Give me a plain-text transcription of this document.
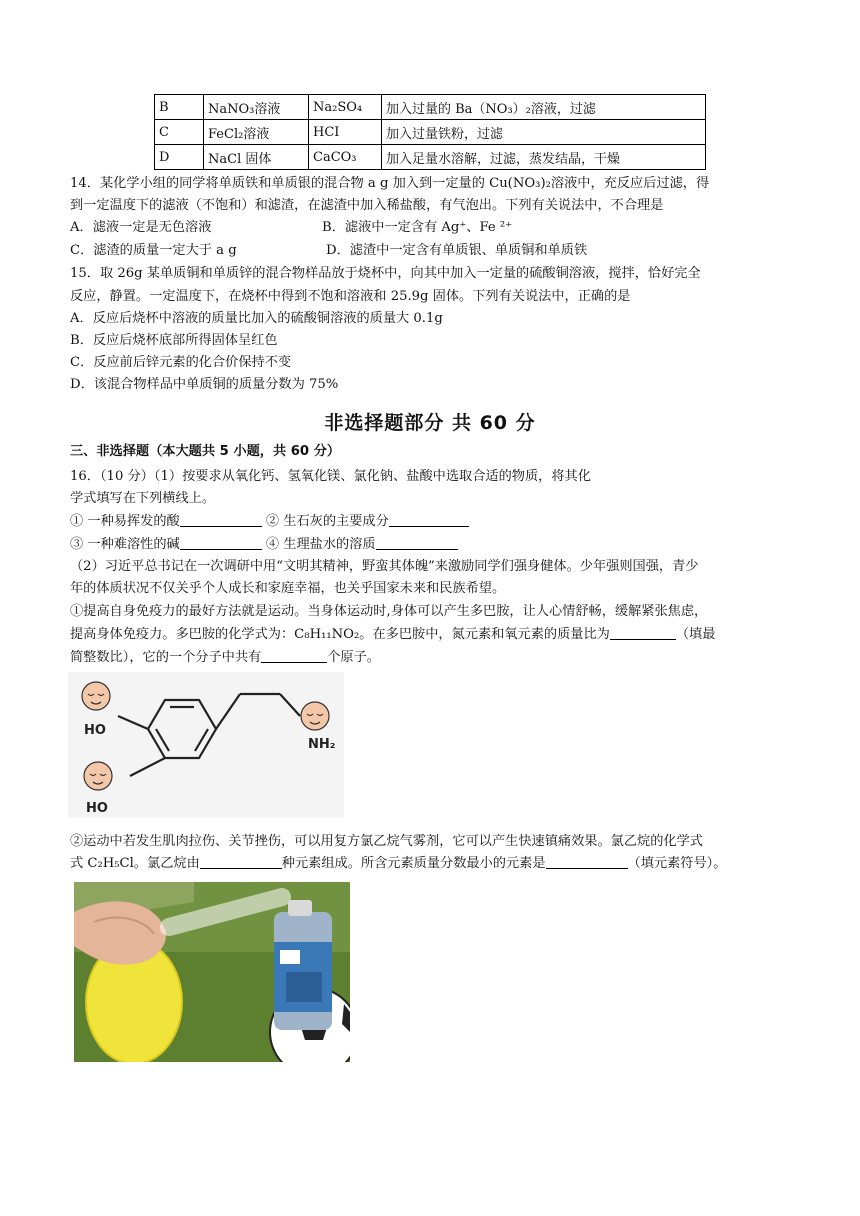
B	NaNO₃溶液	Na₂SO₄	加入过量的 Ba（NO₃）₂溶液，过滤
C	FeCl₂溶液	HCI	加入过量铁粉，过滤
D	NaCl 固体	CaCO₃	加入足量水溶解，过滤，蒸发结晶，干燥
14．某化学小组的同学将单质铁和单质银的混合物 a g 加入到一定量的 Cu(NO₃)₂溶液中，充反应后过滤，得
到一定温度下的滤液（不饱和）和滤渣，在滤渣中加入稀盐酸，有气泡出。下列有关说法中，不合理是
A．滤液一定是无色溶液	B．滤液中一定含有 Ag⁺、Fe ²⁺
C．滤渣的质量一定大于 a g	D．滤渣中一定含有单质银、单质铜和单质铁
15．取 26g 某单质铜和单质锌的混合物样品放于烧杯中，向其中加入一定量的硫酸铜溶液，搅拌，恰好完全
反应，静置。一定温度下，在烧杯中得到不饱和溶液和 25.9g 固体。下列有关说法中，正确的是
A．反应后烧杯中溶液的质量比加入的硫酸铜溶液的质量大 0.1g
B．反应后烧杯底部所得固体呈红色
C．反应前后锌元素的化合价保持不变
D．该混合物样品中单质铜的质量分数为 75%
非选择题部分 共 60 分
三、非选择题（本大题共 5 小题，共 60 分）
16．（10 分）（1）按要求从氧化钙、氢氧化镁、氯化钠、盐酸中选取合适的物质，将其化
学式填写在下列横线上。
① 一种易挥发的酸	② 生石灰的主要成分
③ 一种难溶性的碱	④ 生理盐水的溶质
（2）习近平总书记在一次调研中用“文明其精神，野蛮其体魄”来激励同学们强身健体。少年强则国强，青少
年的体质状况不仅关乎个人成长和家庭幸福，也关乎国家未来和民族希望。
①提高自身免疫力的最好方法就是运动。当身体运动时,身体可以产生多巴胺，让人心情舒畅，缓解紧张焦虑，
提高身体免疫力。多巴胺的化学式为：C₈H₁₁NO₂。在多巴胺中，氮元素和氧元素的质量比为	（填最
简整数比），它的一个分子中共有	个原子。
HO
NH₂
HO
②运动中若发生肌肉拉伤、关节挫伤，可以用复方氯乙烷气雾剂，它可以产生快速镇痛效果。氯乙烷的化学式
式 C₂H₅Cl。氯乙烷由	种元素组成。所含元素质量分数最小的元素是	（填元素符号）。
